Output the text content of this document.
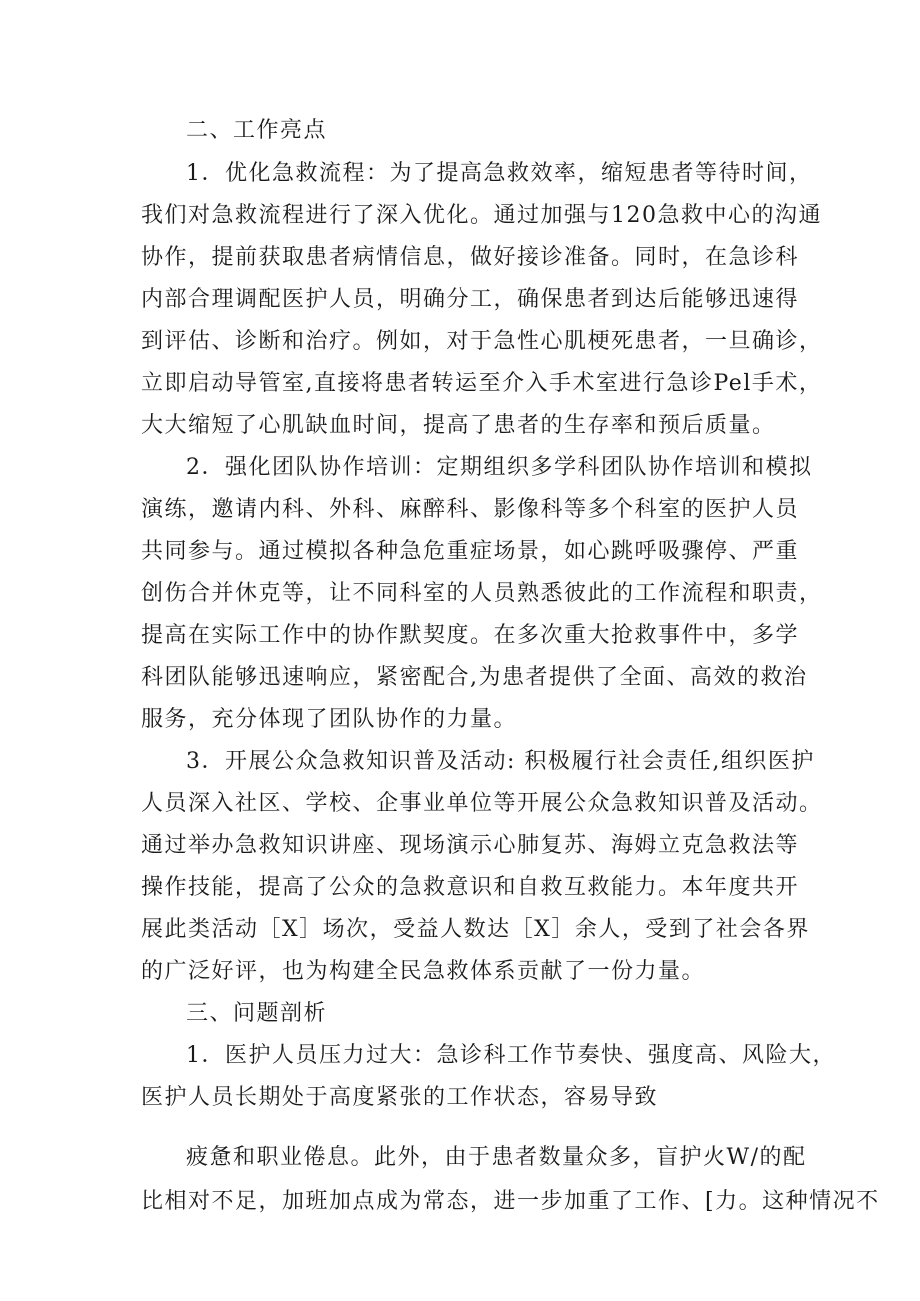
二、工作亮点
1．优化急救流程：为了提高急救效率，缩短患者等待时间，
我们对急救流程进行了深入优化。通过加强与120急救中心的沟通
协作，提前获取患者病情信息，做好接诊准备。同时，在急诊科
内部合理调配医护人员，明确分工，确保患者到达后能够迅速得
到评估、诊断和治疗。例如，对于急性心肌梗死患者，一旦确诊，
立即启动导管室,直接将患者转运至介入手术室进行急诊Pel手术，
大大缩短了心肌缺血时间，提高了患者的生存率和预后质量。
2．强化团队协作培训：定期组织多学科团队协作培训和模拟
演练，邀请内科、外科、麻醉科、影像科等多个科室的医护人员
共同参与。通过模拟各种急危重症场景，如心跳呼吸骤停、严重
创伤合并休克等，让不同科室的人员熟悉彼此的工作流程和职责，
提高在实际工作中的协作默契度。在多次重大抢救事件中，多学
科团队能够迅速响应，紧密配合,为患者提供了全面、高效的救治
服务，充分体现了团队协作的力量。
3．开展公众急救知识普及活动: 积极履行社会责任,组织医护
人员深入社区、学校、企事业单位等开展公众急救知识普及活动。
通过举办急救知识讲座、现场演示心肺复苏、海姆立克急救法等
操作技能，提高了公众的急救意识和自救互救能力。本年度共开
展此类活动［X］场次，受益人数达［X］余人，受到了社会各界
的广泛好评，也为构建全民急救体系贡献了一份力量。
三、问题剖析
1．医护人员压力过大：急诊科工作节奏快、强度高、风险大，
医护人员长期处于高度紧张的工作状态，容易导致
疲惫和职业倦息。此外，由于患者数量众多，盲护火W/的配
比相对不足，加班加点成为常态，进一步加重了工作、[力。这种情况不
